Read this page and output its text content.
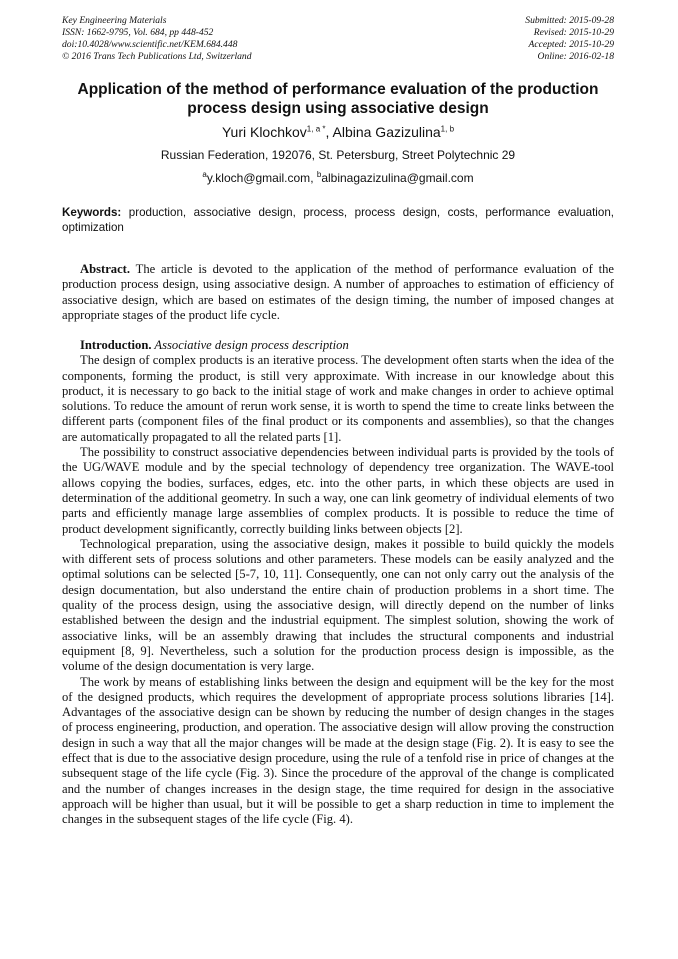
Key Engineering Materials
ISSN: 1662-9795, Vol. 684, pp 448-452
doi:10.4028/www.scientific.net/KEM.684.448
© 2016 Trans Tech Publications Ltd, Switzerland
Submitted: 2015-09-28
Revised: 2015-10-29
Accepted: 2015-10-29
Online: 2016-02-18
Application of the method of performance evaluation of the production process design using associative design
Yuri Klochkov$^{1, a *}$, Albina Gazizulina$^{1, b}$
Russian Federation, 192076, St. Petersburg, Street Polytechnic 29
$^a$y.kloch@gmail.com, $^b$albinagazizulina@gmail.com
Keywords: production, associative design, process, process design, costs, performance evaluation, optimization

Abstract. The article is devoted to the application of the method of performance evaluation of the production process design, using associative design. A number of approaches to estimation of efficiency of associative design, which are based on estimates of the design timing, the number of imposed changes at appropriate stages of the product life cycle.

Introduction. Associative design process description

The design of complex products is an iterative process. The development often starts when the idea of the components, forming the product, is still very approximate. With increase in our knowledge about this product, it is necessary to go back to the initial stage of work and make changes in order to achieve optimal solutions. To reduce the amount of rerun work sense, it is worth to spend the time to create links between the different parts (component files of the final product or its components and assemblies), so that the changes are automatically propagated to all the related parts [1].

The possibility to construct associative dependencies between individual parts is provided by the tools of the UG/WAVE module and by the special technology of dependency tree organization. The WAVE-tool allows copying the bodies, surfaces, edges, etc. into the other parts, in which these objects are used in determination of the additional geometry. In such a way, one can link geometry of individual elements of two parts and efficiently manage large assemblies of complex products. It is possible to reduce the time of product development significantly, correctly building links between objects [2].

Technological preparation, using the associative design, makes it possible to build quickly the models with different sets of process solutions and other parameters. These models can be easily analyzed and the optimal solutions can be selected [5-7, 10, 11]. Consequently, one can not only carry out the analysis of the design documentation, but also understand the entire chain of production problems in a short time. The quality of the process design, using the associative design, will directly depend on the number of links established between the design and the industrial equipment. The simplest solution, showing the work of associative links, will be an assembly drawing that includes the structural components and industrial equipment [8, 9]. Nevertheless, such a solution for the production process design is impossible, as the volume of the design documentation is very large.

The work by means of establishing links between the design and equipment will be the key for the most of the designed products, which requires the development of appropriate process solutions libraries [14]. Advantages of the associative design can be shown by reducing the number of design changes in the stages of process engineering, production, and operation. The associative design will allow proving the construction design in such a way that all the major changes will be made at the design stage (Fig. 2). It is easy to see the effect that is due to the associative design procedure, using the rule of a tenfold rise in price of changes at the subsequent stage of the life cycle (Fig. 3). Since the procedure of the approval of the change is complicated and the number of changes increases in the design stage, the time required for design in the associative approach will be higher than usual, but it will be possible to get a sharp reduction in time to implement the changes in the subsequent stages of the life cycle (Fig. 4).
